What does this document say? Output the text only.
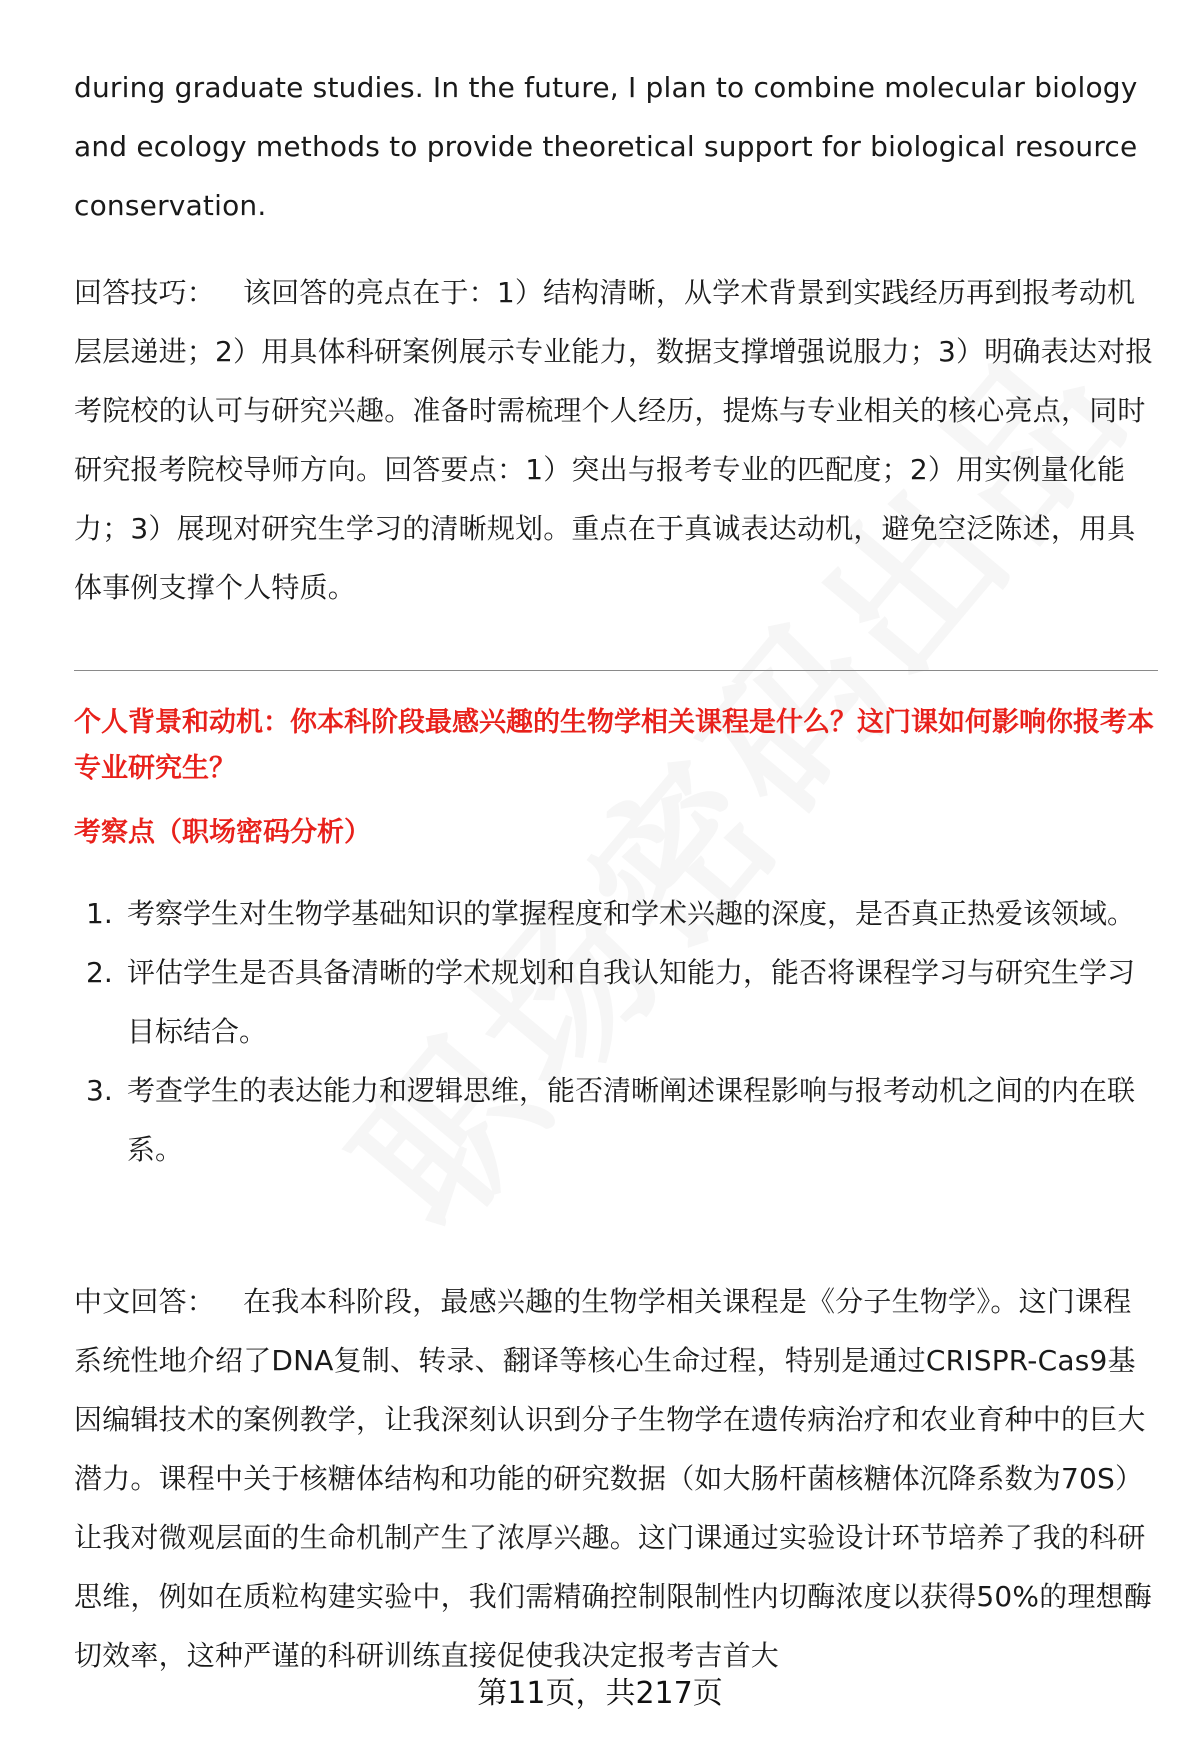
during graduate studies. In the future, I plan to combine molecular biology and ecology methods to provide theoretical support for biological resource conservation.

回答技巧： 该回答的亮点在于：1）结构清晰，从学术背景到实践经历再到报考动机层层递进；2）用具体科研案例展示专业能力，数据支撑增强说服力；3）明确表达对报考院校的认可与研究兴趣。准备时需梳理个人经历，提炼与专业相关的核心亮点，同时研究报考院校导师方向。回答要点：1）突出与报考专业的匹配度；2）用实例量化能力；3）展现对研究生学习的清晰规划。重点在于真诚表达动机，避免空泛陈述，用具体事例支撑个人特质。

个人背景和动机：你本科阶段最感兴趣的生物学相关课程是什么？这门课如何影响你报考本专业研究生？

考察点（职场密码分析）

1. 考察学生对生物学基础知识的掌握程度和学术兴趣的深度，是否真正热爱该领域。
2. 评估学生是否具备清晰的学术规划和自我认知能力，能否将课程学习与研究生学习目标结合。
3. 考查学生的表达能力和逻辑思维，能否清晰阐述课程影响与报考动机之间的内在联系。

中文回答： 在我本科阶段，最感兴趣的生物学相关课程是《分子生物学》。这门课程系统性地介绍了DNA复制、转录、翻译等核心生命过程，特别是通过CRISPR-Cas9基因编辑技术的案例教学，让我深刻认识到分子生物学在遗传病治疗和农业育种中的巨大潜力。课程中关于核糖体结构和功能的研究数据（如大肠杆菌核糖体沉降系数为70S）让我对微观层面的生命机制产生了浓厚兴趣。这门课通过实验设计环节培养了我的科研思维，例如在质粒构建实验中，我们需精确控制限制性内切酶浓度以获得50%的理想酶切效率，这种严谨的科研训练直接促使我决定报考吉首大

第11页，共217页
